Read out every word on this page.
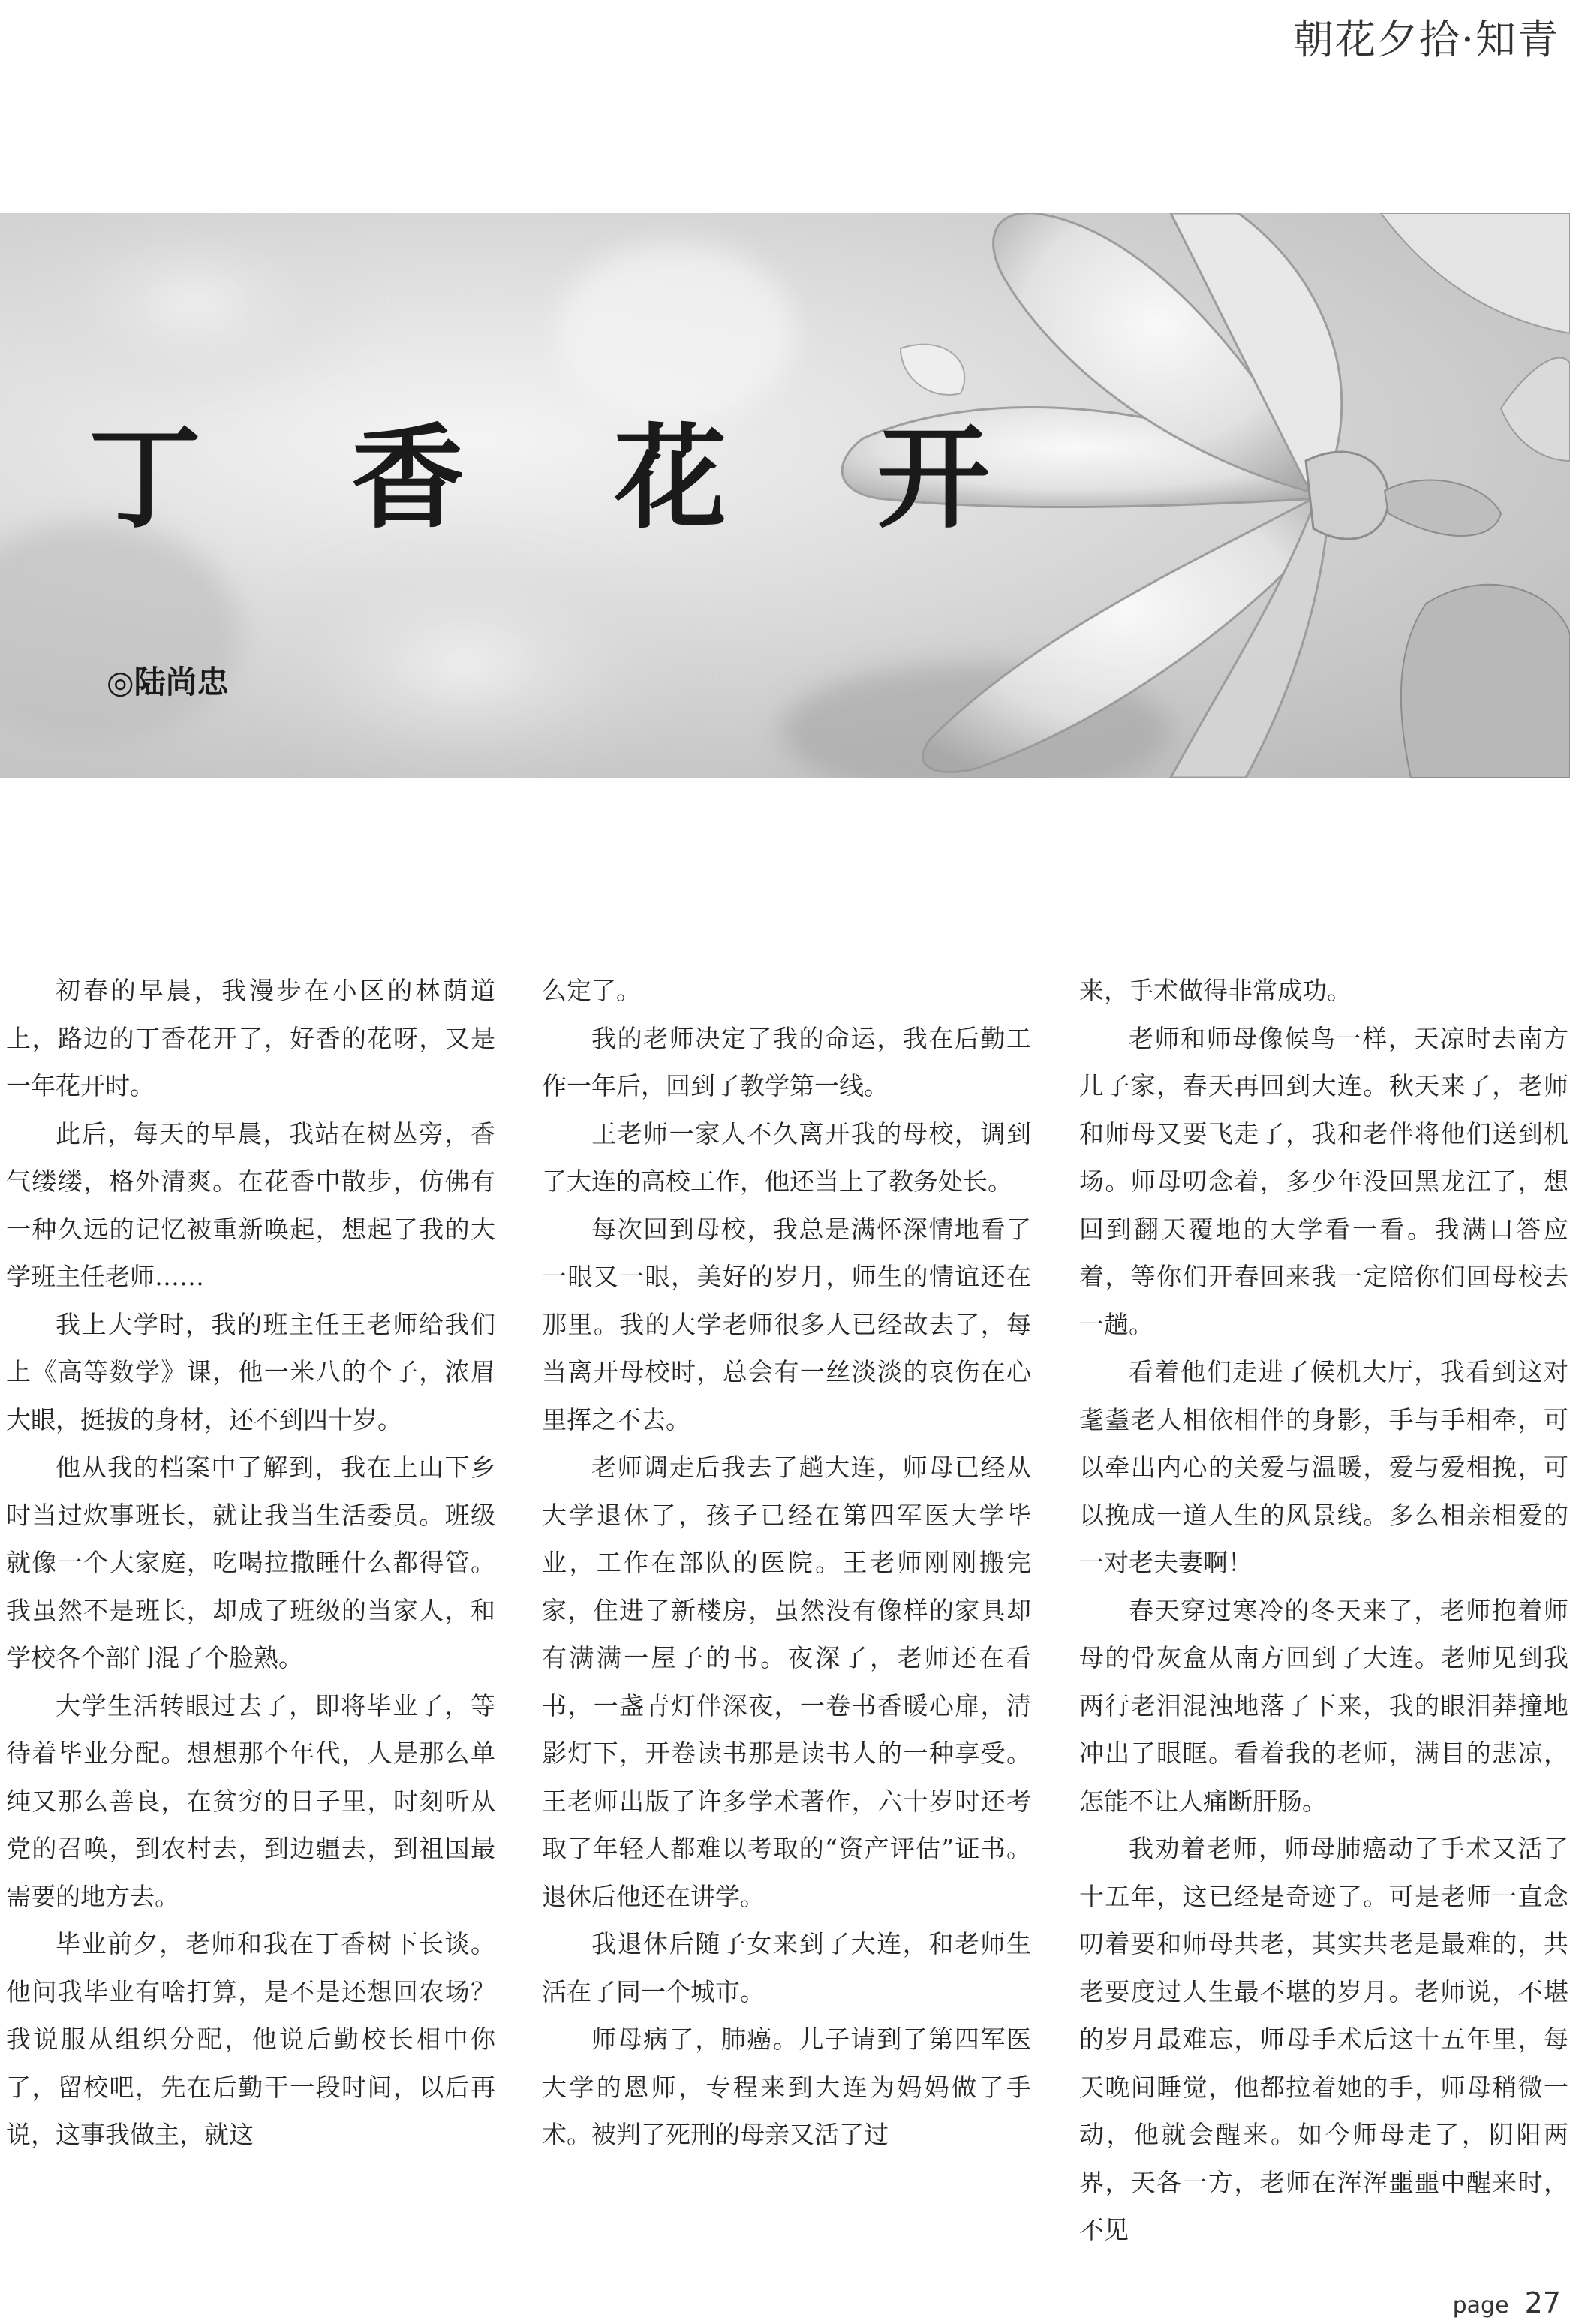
朝花夕拾·知青
丁 香 花 开
◎陆尚忠

初春的早晨，我漫步在小区的林荫道上，路边的丁香花开了，好香的花呀，又是一年花开时。

此后，每天的早晨，我站在树丛旁，香气缕缕，格外清爽。在花香中散步，仿佛有一种久远的记忆被重新唤起，想起了我的大学班主任老师……

我上大学时，我的班主任王老师给我们上《高等数学》课，他一米八的个子，浓眉大眼，挺拔的身材，还不到四十岁。

他从我的档案中了解到，我在上山下乡时当过炊事班长，就让我当生活委员。班级就像一个大家庭，吃喝拉撒睡什么都得管。我虽然不是班长，却成了班级的当家人，和学校各个部门混了个脸熟。

大学生活转眼过去了，即将毕业了，等待着毕业分配。想想那个年代，人是那么单纯又那么善良，在贫穷的日子里，时刻听从党的召唤，到农村去，到边疆去，到祖国最需要的地方去。

毕业前夕，老师和我在丁香树下长谈。他问我毕业有啥打算，是不是还想回农场？我说服从组织分配，他说后勤校长相中你了，留校吧，先在后勤干一段时间，以后再说，这事我做主，就这

么定了。

我的老师决定了我的命运，我在后勤工作一年后，回到了教学第一线。

王老师一家人不久离开我的母校，调到了大连的高校工作，他还当上了教务处长。

每次回到母校，我总是满怀深情地看了一眼又一眼，美好的岁月，师生的情谊还在那里。我的大学老师很多人已经故去了，每当离开母校时，总会有一丝淡淡的哀伤在心里挥之不去。

老师调走后我去了趟大连，师母已经从大学退休了，孩子已经在第四军医大学毕业，工作在部队的医院。王老师刚刚搬完家，住进了新楼房，虽然没有像样的家具却有满满一屋子的书。夜深了，老师还在看书，一盏青灯伴深夜，一卷书香暖心扉，清影灯下，开卷读书那是读书人的一种享受。王老师出版了许多学术著作，六十岁时还考取了年轻人都难以考取的“资产评估”证书。退休后他还在讲学。

我退休后随子女来到了大连，和老师生活在了同一个城市。

师母病了，肺癌。儿子请到了第四军医大学的恩师，专程来到大连为妈妈做了手术。被判了死刑的母亲又活了过

来，手术做得非常成功。

老师和师母像候鸟一样，天凉时去南方儿子家，春天再回到大连。秋天来了，老师和师母又要飞走了，我和老伴将他们送到机场。师母叨念着，多少年没回黑龙江了，想回到翻天覆地的大学看一看。我满口答应着，等你们开春回来我一定陪你们回母校去一趟。

看着他们走进了候机大厅，我看到这对耄耋老人相依相伴的身影，手与手相牵，可以牵出内心的关爱与温暖，爱与爱相挽，可以挽成一道人生的风景线。多么相亲相爱的一对老夫妻啊！

春天穿过寒冷的冬天来了，老师抱着师母的骨灰盒从南方回到了大连。老师见到我两行老泪混浊地落了下来，我的眼泪莽撞地冲出了眼眶。看着我的老师，满目的悲凉，怎能不让人痛断肝肠。

我劝着老师，师母肺癌动了手术又活了十五年，这已经是奇迹了。可是老师一直念叨着要和师母共老，其实共老是最难的，共老要度过人生最不堪的岁月。老师说，不堪的岁月最难忘，师母手术后这十五年里，每天晚间睡觉，他都拉着她的手，师母稍微一动，他就会醒来。如今师母走了，阴阳两界，天各一方，老师在浑浑噩噩中醒来时，不见

page 27
